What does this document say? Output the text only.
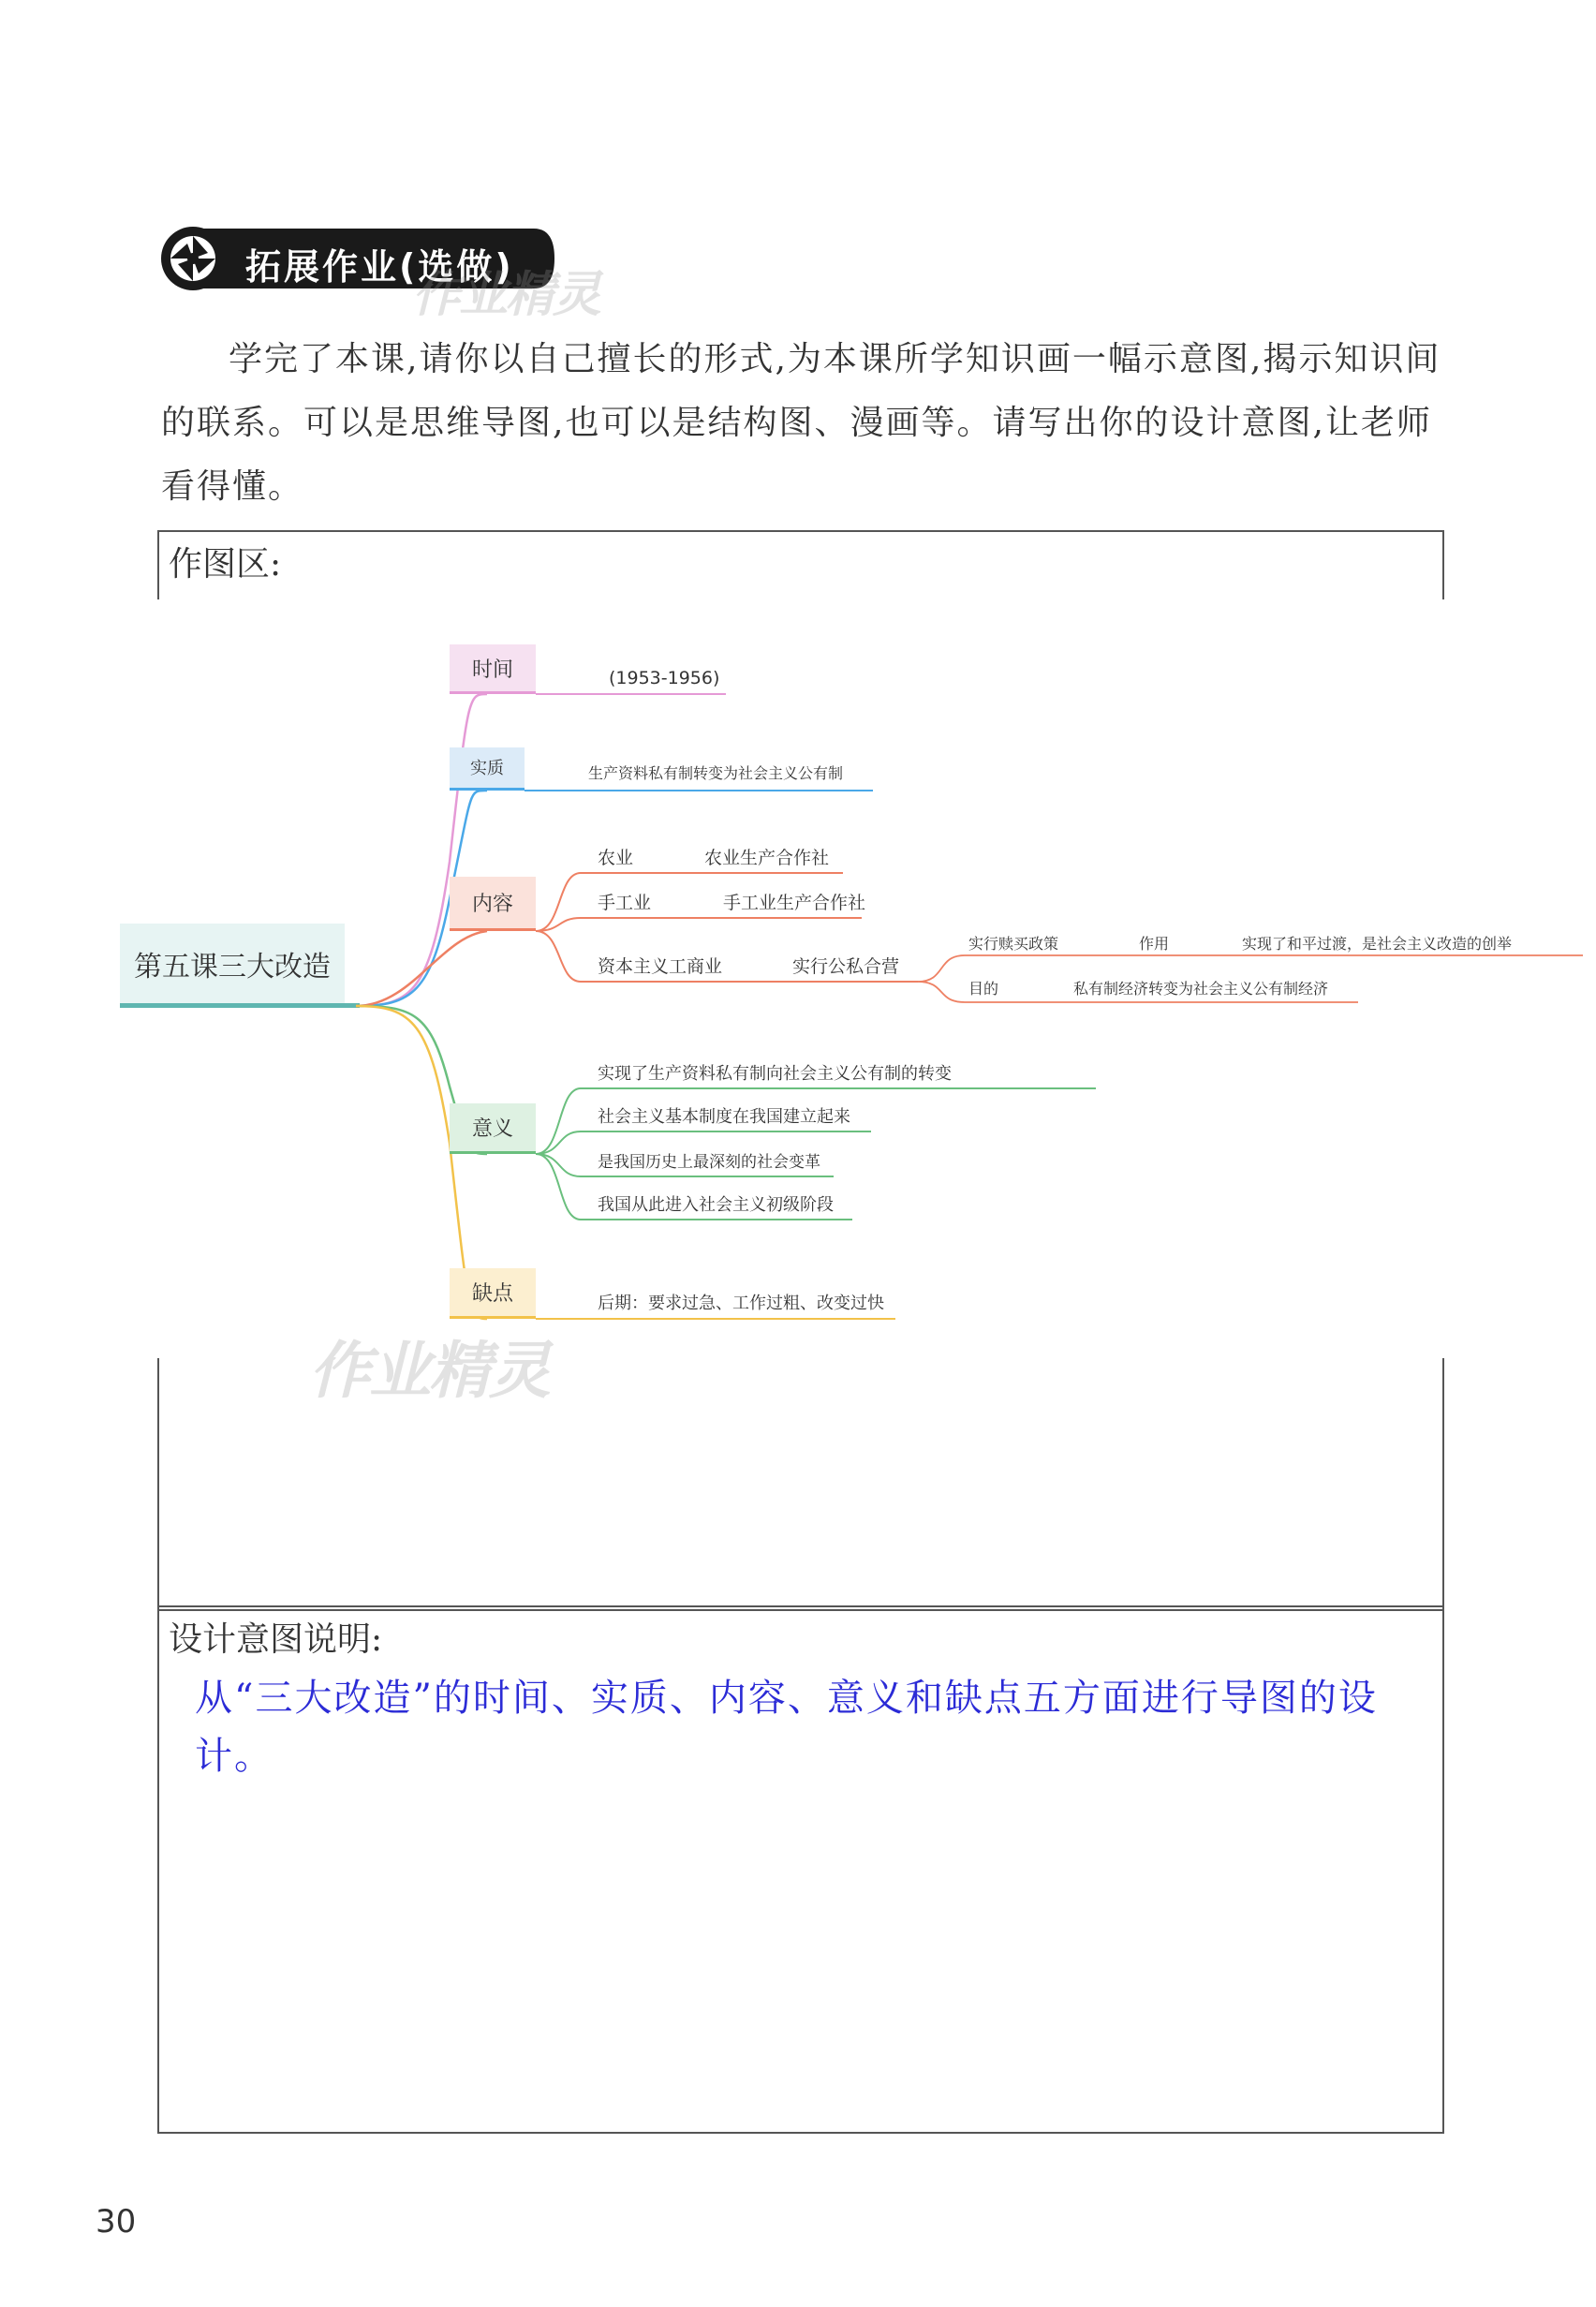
拓展作业(选做)
作业精灵
学完了本课,请你以自己擅长的形式,为本课所学知识画一幅示意图,揭示知识间的联系。可以是思维导图,也可以是结构图、漫画等。请写出你的设计意图,让老师看得懂。
作图区:
第五课三大改造
时间	(1953-1956)
实质	生产资料私有制转变为社会主义公有制
内容
农业	农业生产合作社
手工业	手工业生产合作社
资本主义工商业	实行公私合营
实行赎买政策	作用	实现了和平过渡，是社会主义改造的创举
目的	私有制经济转变为社会主义公有制经济
意义
实现了生产资料私有制向社会主义公有制的转变
社会主义基本制度在我国建立起来
是我国历史上最深刻的社会变革
我国从此进入社会主义初级阶段
缺点	后期：要求过急、工作过粗、改变过快
作业精灵
设计意图说明:
从“三大改造”的时间、实质、内容、意义和缺点五方面进行导图的设计。
30
